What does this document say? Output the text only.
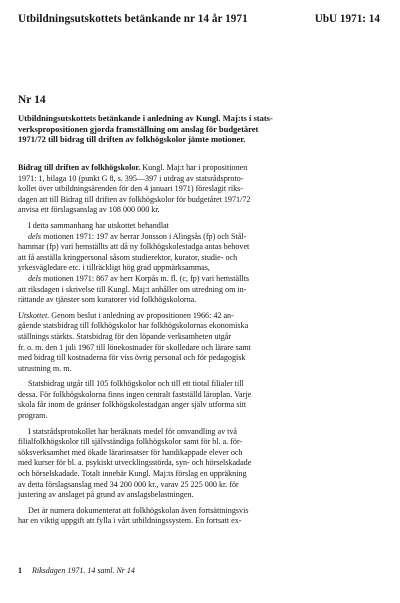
Utbildningsutskottets betänkande nr 14 år 1971	UbU 1971: 14
Nr 14
Utbildningsutskottets betänkande i anledning av Kungl. Maj:ts i stats-
verkspropositionen gjorda framställning om anslag för budgetåret
1971/72 till bidrag till driften av folkhögskolor jämte motioner.
Bidrag till driften av folkhögskolor. Kungl. Maj:t har i propositionen
1971: 1, bilaga 10 (punkt G 8, s. 395—397 i utdrag av statsrådsproto-
kollet över utbildningsärenden för den 4 januari 1971) föreslagit riks-
dagen att till Bidrag till driften av folkhögskolor för budgetåret 1971/72
anvisa ett förslagsanslag av 108 000 000 kr.
I detta sammanhang har utskottet behandlat
dels motionen 1971: 197 av herrar Jonsson i Alingsås (fp) och Stål-
hammar (fp) vari hemställts att då ny folkhögskolestadga antas behovet
att få anställa kringpersonal såsom studierektor, kurator, studie- och
yrkesvägledare etc. i tillräckligt hög grad uppmärksammas,
dels motionen 1971: 867 av herr Korpås m. fl. (c, fp) vari hemställts
att riksdagen i skrivelse till Kungl. Maj:t anhåller om utredning om in-
rättande av tjänster som kuratorer vid folkhögskolorna.
Utskottet. Genom beslut i anledning av propositionen 1966: 42 an-
gående statsbidrag till folkhögskolor har folkhögskolornas ekonomiska
ställnings stärkts. Statsbidrag för den löpande verksamheten utgår
fr. o. m. den 1 juli 1967 till lönekostnader för skolledare och lärare samt
med bidrag till kostnaderna för viss övrig personal och för pedagogisk
utrustning m. m.
Statsbidrag utgår till 105 folkhögskolor och till ett tiotal filialer till
dessa. För folkhögskolorna finns ingen centralt fastställd läroplan. Varje
skola får inom de gränser folkhögskolestadgan anger själv utforma sitt
program.
I statsrådsprotokollet har beräknats medel för omvandling av två
filialfolkhögskolor till självständiga folkhögskolor samt för bl. a. för-
söksverksamhet med ökade lärarinsatser för handikappade elever och
med kurser för bl. a. psykiskt utvecklingsstörda, syn- och hörselskadade
och hörselskadade. Totalt innebär Kungl. Maj:ts förslag en uppräkning
av detta förslagsanslag med 34 200 000 kr., varav 25 225 000 kr. för
justering av anslaget på grund av anslagsbelastningen.
Det är numera dokumenterat att folkhögskolan även fortsättningsvis
har en viktig uppgift att fylla i vårt utbildningssystem. En fortsatt ex-
1 Riksdagen 1971. 14 saml. Nr 14
